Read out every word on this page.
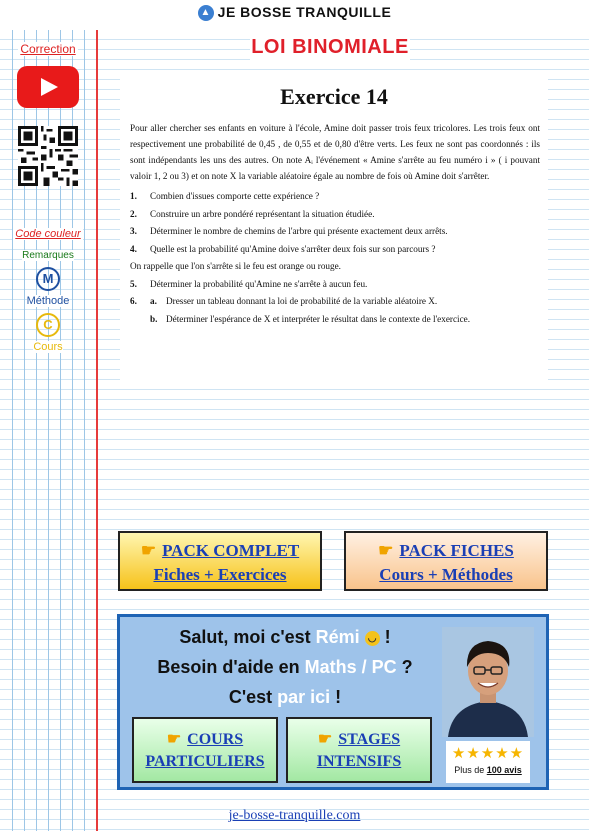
▲ JE BOSSE TRANQUILLE
LOI BINOMIALE
Correction
Code couleur
Remarques
M
Méthode
C
Cours
Exercice 14

Pour aller chercher ses enfants en voiture à l'école, Amine doit passer trois feux tricolores. Les trois feux ont respectivement une probabilité de 0,45 , de 0,55 et de 0,80 d'être verts. Les feux ne sont pas coordonnés : ils sont indépendants les uns des autres. On note Aᵢ l'événement « Amine s'arrête au feu numéro i » ( i pouvant valoir 1, 2 ou 3) et on note X la variable aléatoire égale au nombre de fois où Amine doit s'arrêter.

1.	Combien d'issues comporte cette expérience ?
2.	Construire un arbre pondéré représentant la situation étudiée.
3.	Déterminer le nombre de chemins de l'arbre qui présente exactement deux arrêts.
4.	Quelle est la probabilité qu'Amine doive s'arrêter deux fois sur son parcours ?
On rappelle que l'on s'arrête si le feu est orange ou rouge.
5.	Déterminer la probabilité qu'Amine ne s'arrête à aucun feu.
6.	a. Dresser un tableau donnant la loi de probabilité de la variable aléatoire X.
b. Déterminer l'espérance de X et interpréter le résultat dans le contexte de l'exercice.
☛ PACK COMPLET
Fiches + Exercices
☛ PACK FICHES
Cours + Méthodes
Salut, moi c'est Rémi ◡ !
Besoin d'aide en Maths / PC ?
C'est par ici !
☛ COURS
PARTICULIERS
☛ STAGES
INTENSIFS	★★★★★
Plus de 100 avis
je-bosse-tranquille.com
